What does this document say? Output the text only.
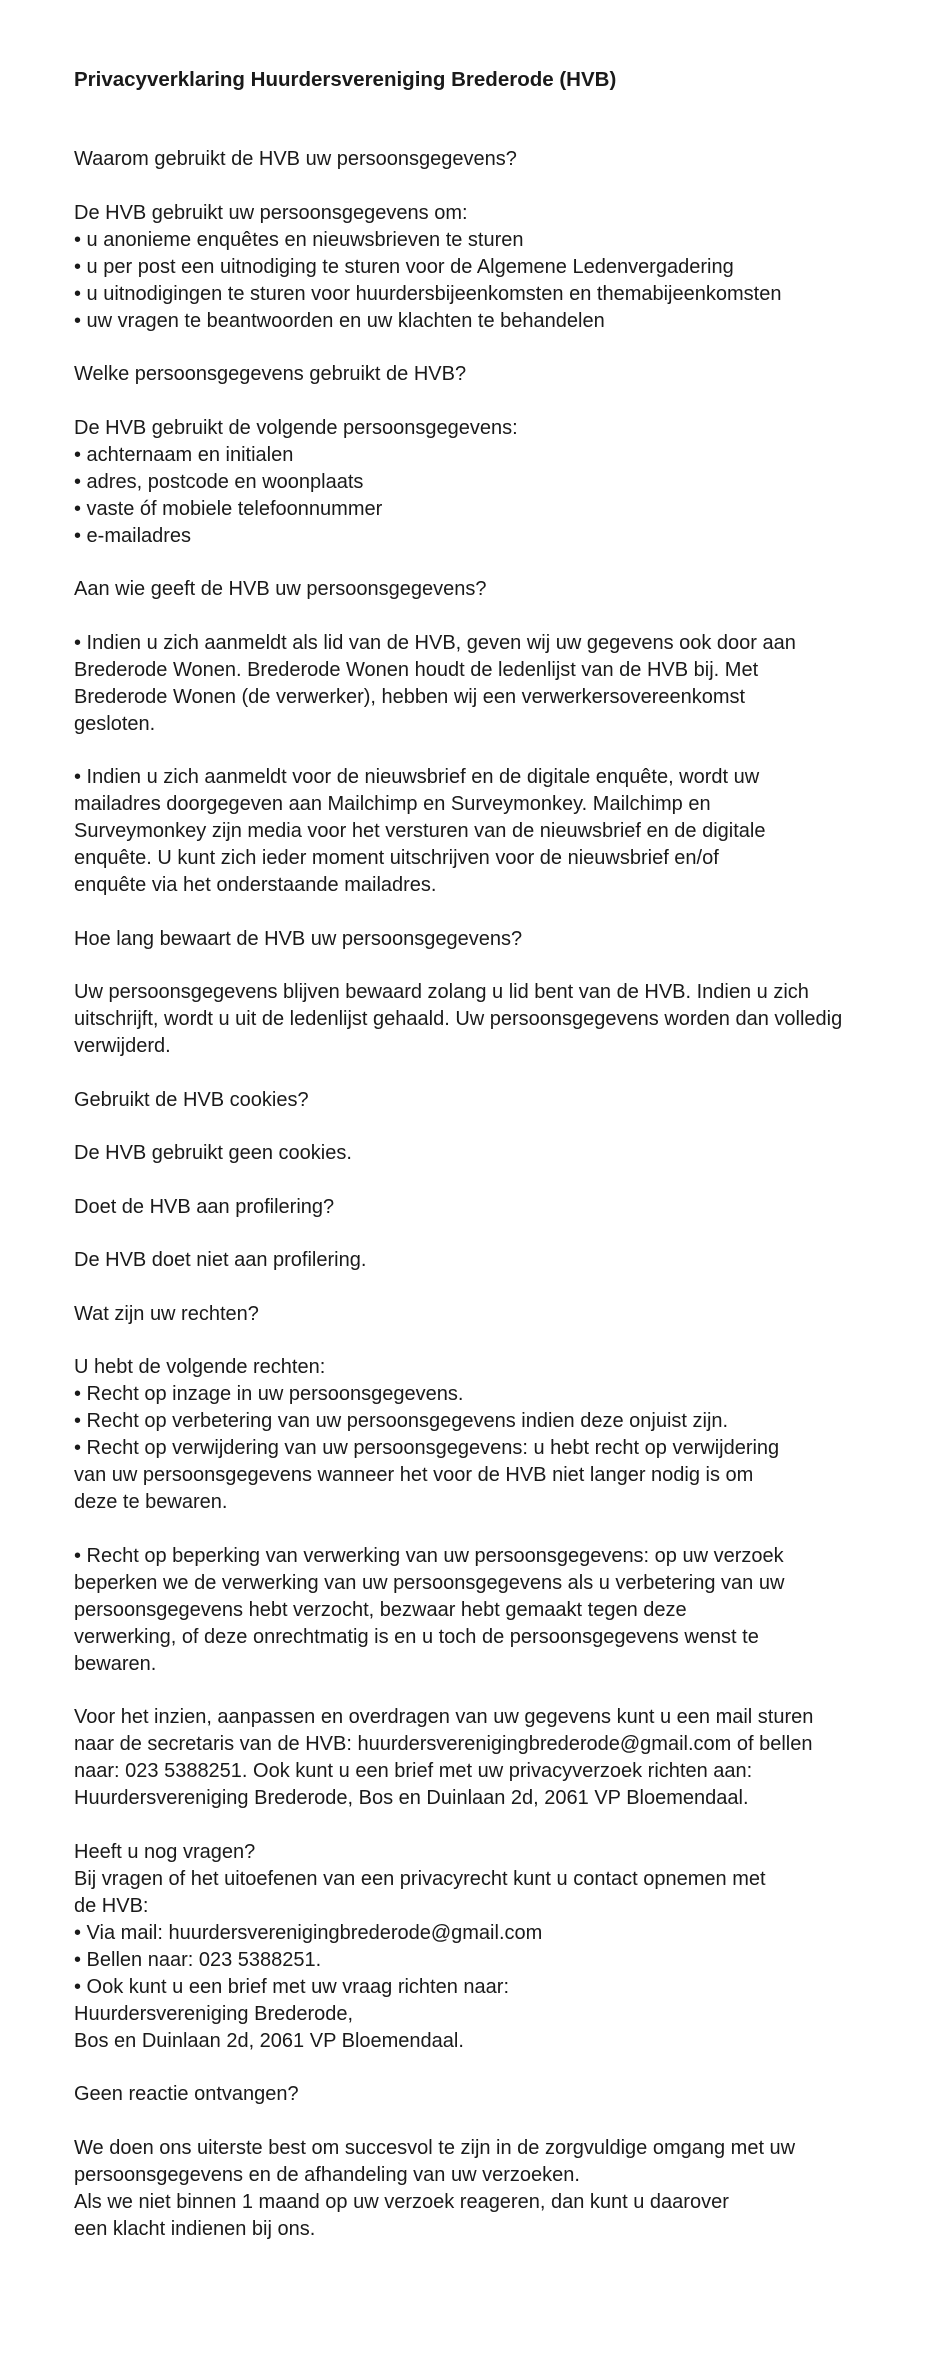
Privacyverklaring Huurdersvereniging Brederode (HVB)
Waarom gebruikt de HVB uw persoonsgegevens?
De HVB gebruikt uw persoonsgegevens om:
• u anonieme enquêtes en nieuwsbrieven te sturen
• u per post een uitnodiging te sturen voor de Algemene Ledenvergadering
• u uitnodigingen te sturen voor huurdersbijeenkomsten en themabijeenkomsten
• uw vragen te beantwoorden en uw klachten te behandelen
Welke persoonsgegevens gebruikt de HVB?
De HVB gebruikt de volgende persoonsgegevens:
• achternaam en initialen
• adres, postcode en woonplaats
• vaste óf mobiele telefoonnummer
• e-mailadres
Aan wie geeft de HVB uw persoonsgegevens?
• Indien u zich aanmeldt als lid van de HVB, geven wij uw gegevens ook door aan
Brederode Wonen. Brederode Wonen houdt de ledenlijst van de HVB bij. Met
Brederode Wonen (de verwerker), hebben wij een verwerkersovereenkomst
gesloten.
• Indien u zich aanmeldt voor de nieuwsbrief en de digitale enquête, wordt uw
mailadres doorgegeven aan Mailchimp en Surveymonkey. Mailchimp en
Surveymonkey zijn media voor het versturen van de nieuwsbrief en de digitale
enquête. U kunt zich ieder moment uitschrijven voor de nieuwsbrief en/of
enquête via het onderstaande mailadres.
Hoe lang bewaart de HVB uw persoonsgegevens?
Uw persoonsgegevens blijven bewaard zolang u lid bent van de HVB. Indien u zich
uitschrijft, wordt u uit de ledenlijst gehaald. Uw persoonsgegevens worden dan volledig
verwijderd.
Gebruikt de HVB cookies?
De HVB gebruikt geen cookies.
Doet de HVB aan profilering?
De HVB doet niet aan profilering.
Wat zijn uw rechten?
U hebt de volgende rechten:
• Recht op inzage in uw persoonsgegevens.
• Recht op verbetering van uw persoonsgegevens indien deze onjuist zijn.
• Recht op verwijdering van uw persoonsgegevens: u hebt recht op verwijdering
van uw persoonsgegevens wanneer het voor de HVB niet langer nodig is om
deze te bewaren.
• Recht op beperking van verwerking van uw persoonsgegevens: op uw verzoek
beperken we de verwerking van uw persoonsgegevens als u verbetering van uw
persoonsgegevens hebt verzocht, bezwaar hebt gemaakt tegen deze
verwerking, of deze onrechtmatig is en u toch de persoonsgegevens wenst te
bewaren.
Voor het inzien, aanpassen en overdragen van uw gegevens kunt u een mail sturen
naar de secretaris van de HVB: huurdersverenigingbrederode@gmail.com of bellen
naar: 023 5388251. Ook kunt u een brief met uw privacyverzoek richten aan:
Huurdersvereniging Brederode, Bos en Duinlaan 2d, 2061 VP Bloemendaal.
Heeft u nog vragen?
Bij vragen of het uitoefenen van een privacyrecht kunt u contact opnemen met
de HVB:
• Via mail: huurdersverenigingbrederode@gmail.com
• Bellen naar: 023 5388251.
• Ook kunt u een brief met uw vraag richten naar:
Huurdersvereniging Brederode,
Bos en Duinlaan 2d, 2061 VP Bloemendaal.
Geen reactie ontvangen?
We doen ons uiterste best om succesvol te zijn in de zorgvuldige omgang met uw
persoonsgegevens en de afhandeling van uw verzoeken.
Als we niet binnen 1 maand op uw verzoek reageren, dan kunt u daarover
een klacht indienen bij ons.
